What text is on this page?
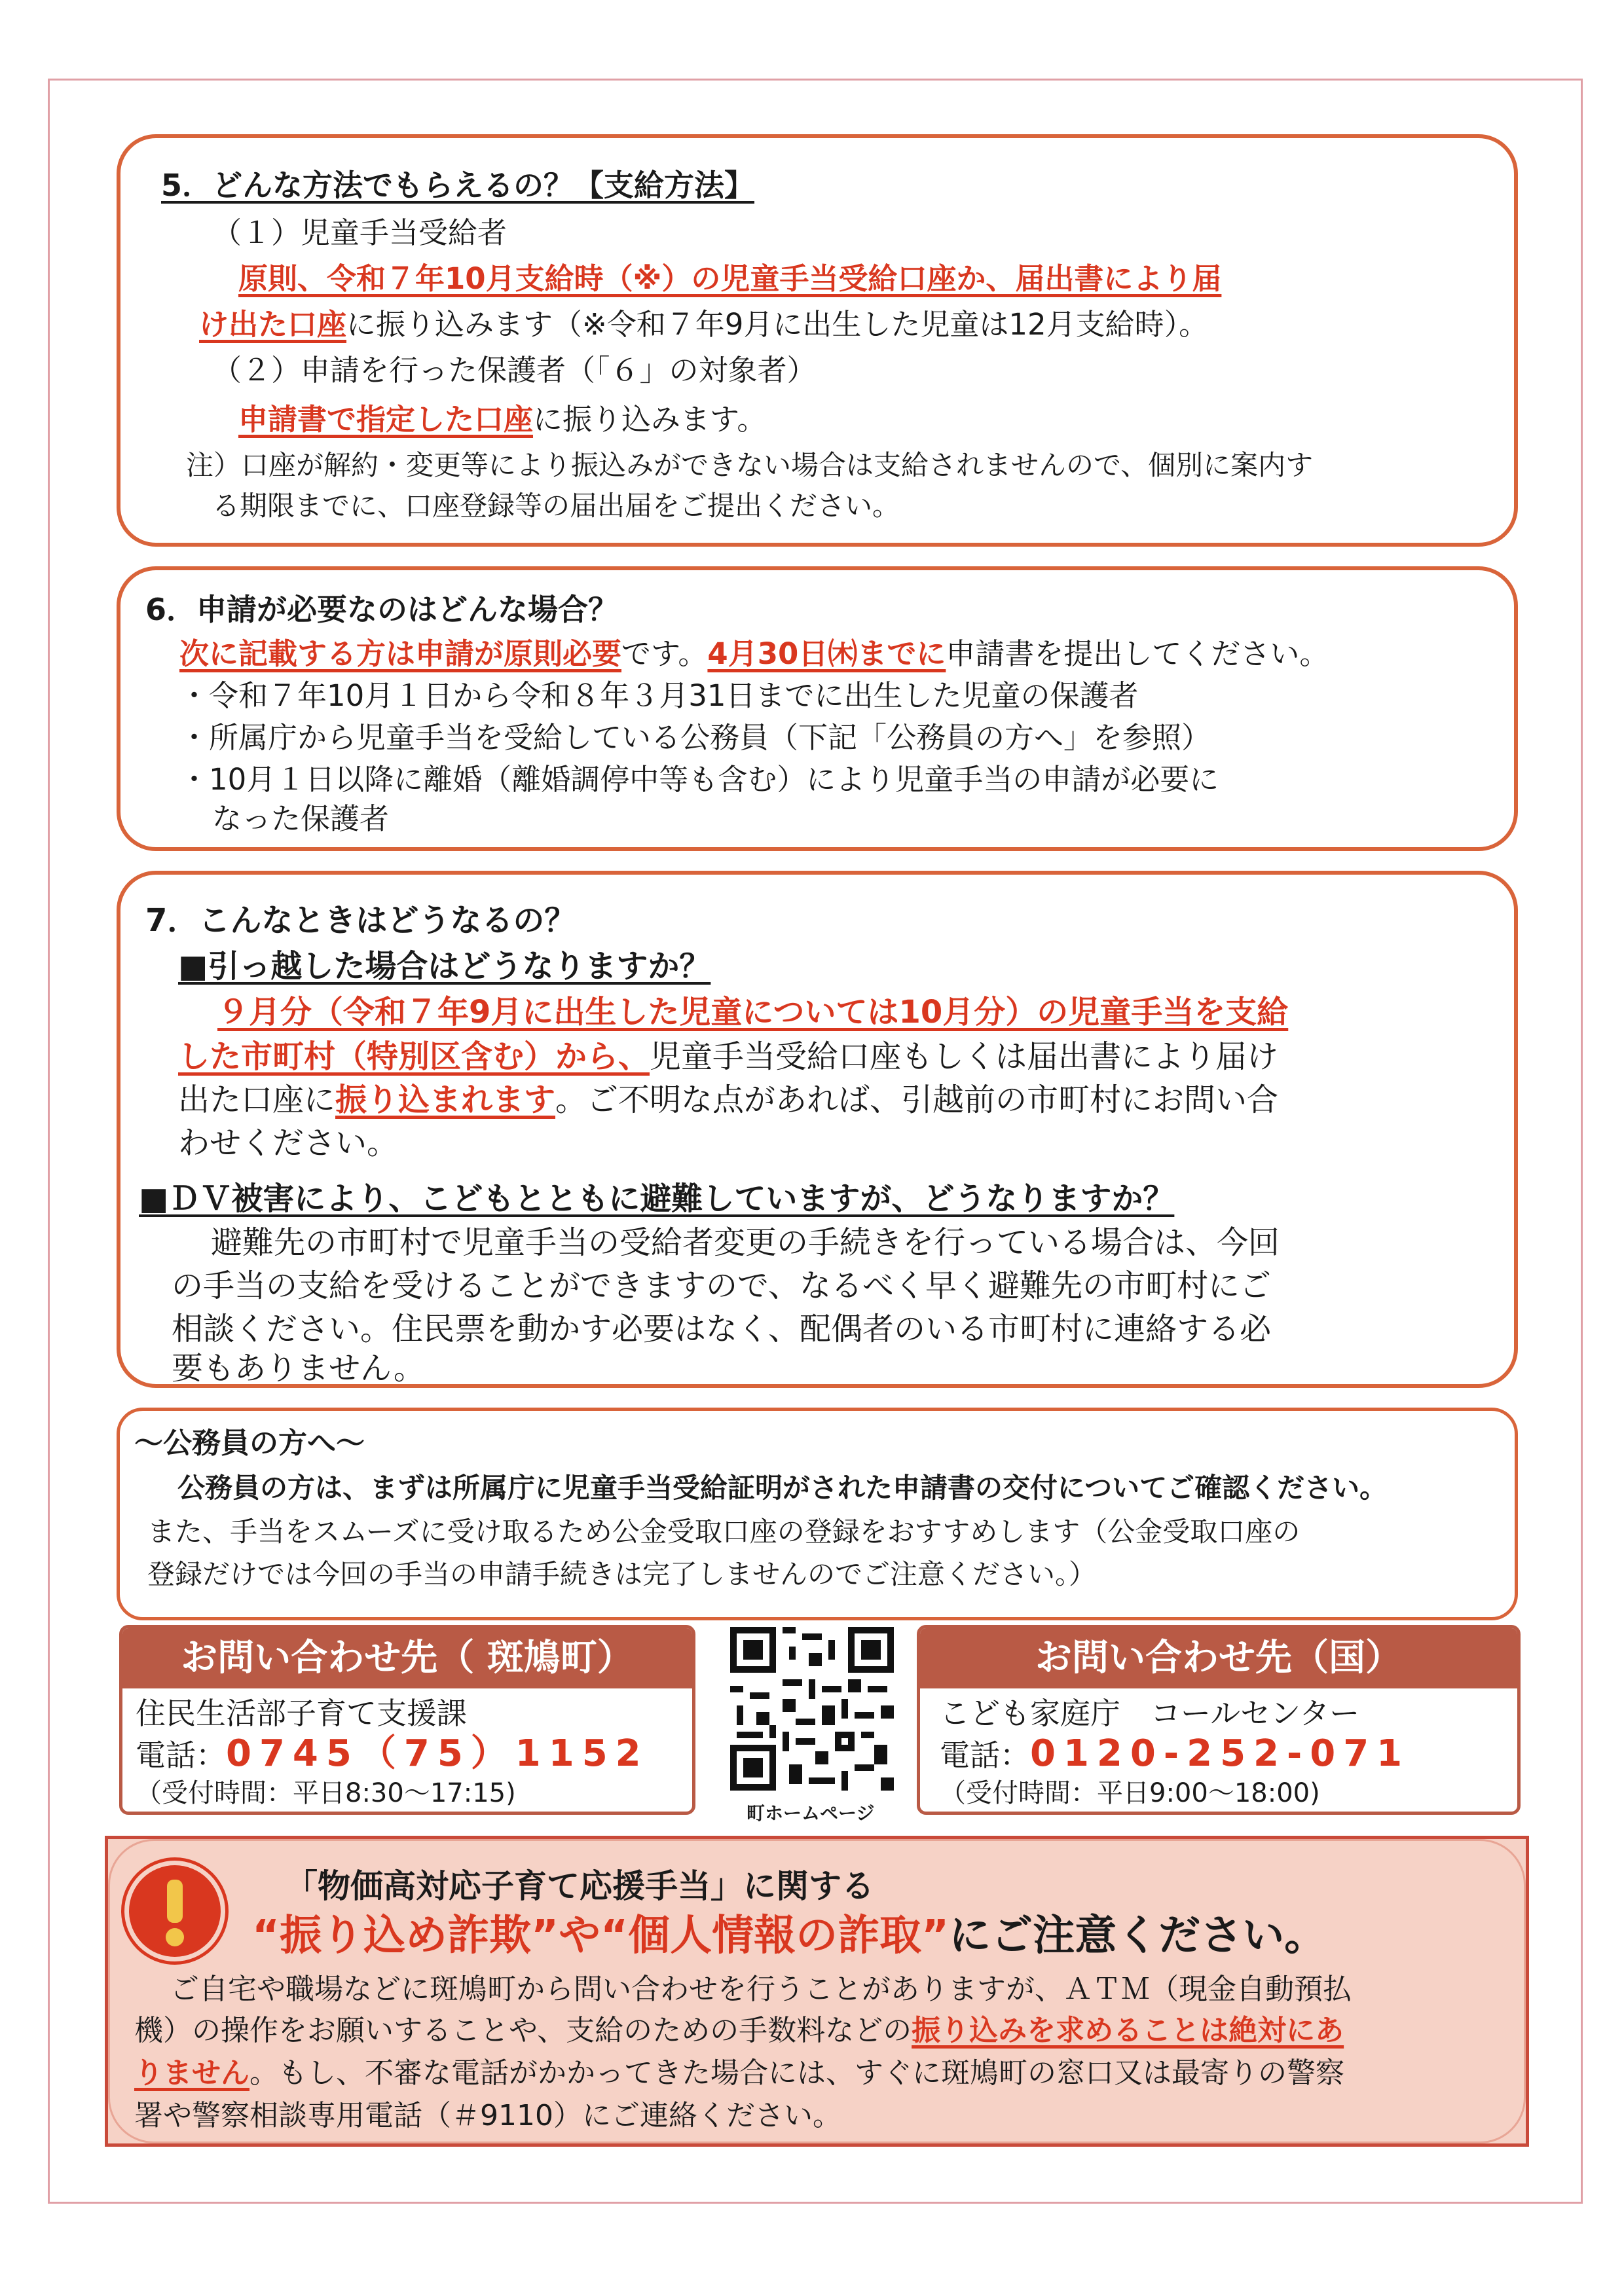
5．どんな方法でもらえるの？【支給方法】
（１）児童手当受給者
原則、令和７年10月支給時（※）の児童手当受給口座か、届出書により届
け出た口座に振り込みます（※令和７年9月に出生した児童は12月支給時）。
（２）申請を行った保護者（「６」の対象者）
申請書で指定した口座に振り込みます。
注）口座が解約・変更等により振込みができない場合は支給されませんので、個別に案内す
る期限までに、口座登録等の届出届をご提出ください。
6．申請が必要なのはどんな場合？
次に記載する方は申請が原則必要です。4月30日㈭までに申請書を提出してください。
・令和７年10月１日から令和８年３月31日までに出生した児童の保護者
・所属庁から児童手当を受給している公務員（下記「公務員の方へ」を参照）
・10月１日以降に離婚（離婚調停中等も含む）により児童手当の申請が必要に
なった保護者
7．こんなときはどうなるの？
■引っ越した場合はどうなりますか？
９月分（令和７年9月に出生した児童については10月分）の児童手当を支給
した市町村（特別区含む）から、児童手当受給口座もしくは届出書により届け
出た口座に振り込まれます。ご不明な点があれば、引越前の市町村にお問い合
わせください。
■ＤＶ被害により、こどもとともに避難していますが、どうなりますか？
避難先の市町村で児童手当の受給者変更の手続きを行っている場合は、今回
の手当の支給を受けることができますので、なるべく早く避難先の市町村にご
相談ください。住民票を動かす必要はなく、配偶者のいる市町村に連絡する必
要もありません。
～公務員の方へ～
公務員の方は、まずは所属庁に児童手当受給証明がされた申請書の交付についてご確認ください。
また、手当をスムーズに受け取るため公金受取口座の登録をおすすめします（公金受取口座の
登録だけでは今回の手当の申請手続きは完了しませんのでご注意ください。）
お問い合わせ先（ 斑鳩町）
住民生活部子育て支援課
電話：0745（75）1152
（受付時間：平日8:30～17:15)
町ホームページ
お問い合わせ先（国）
こども家庭庁　コールセンター
電話：0120-252-071
（受付時間：平日9:00～18:00)
「物価高対応子育て応援手当」に関する
“振り込め詐欺”や“個人情報の詐取”にご注意ください。
ご自宅や職場などに斑鳩町から問い合わせを行うことがありますが、ＡＴＭ（現金自動預払
機）の操作をお願いすることや、支給のための手数料などの振り込みを求めることは絶対にあ
りません。もし、不審な電話がかかってきた場合には、すぐに斑鳩町の窓口又は最寄りの警察
署や警察相談専用電話（＃9110）にご連絡ください。
